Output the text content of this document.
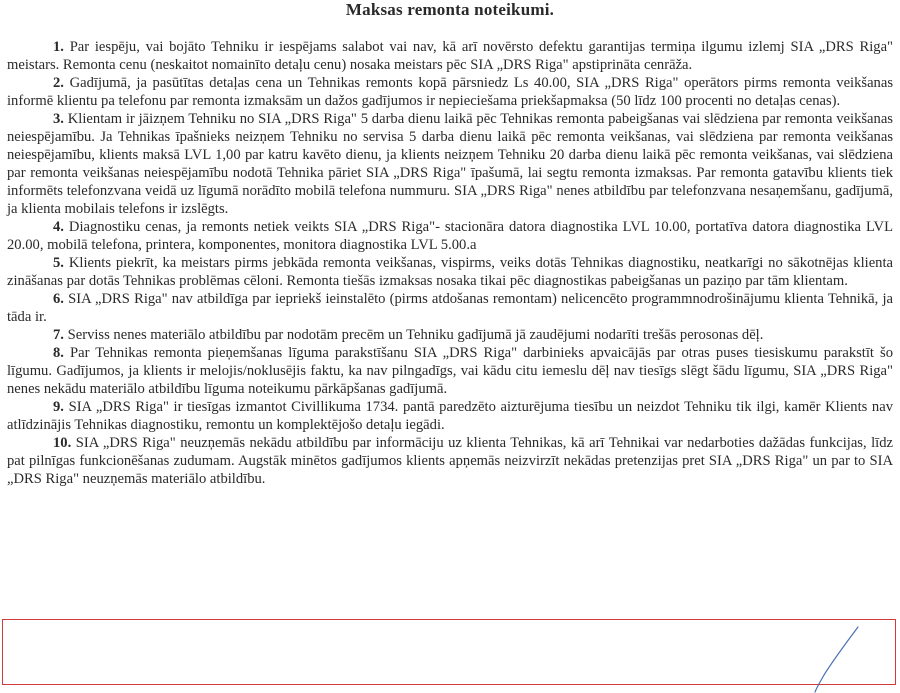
Maksas remonta noteikumi.

1. Par iespēju, vai bojāto Tehniku ir iespējams salabot vai nav, kā arī novērsto defektu garantijas termiņa ilgumu izlemj SIA „DRS Riga" meistars. Remonta cenu (neskaitot nomainīto detaļu cenu) nosaka meistars pēc SIA „DRS Riga" apstiprināta cenrāža.

2. Gadījumā, ja pasūtītas detaļas cena un Tehnikas remonts kopā pārsniedz Ls 40.00, SIA „DRS Riga" operātors pirms remonta veikšanas informē klientu pa telefonu par remonta izmaksām un dažos gadījumos ir nepieciešama priekšapmaksa (50 līdz 100 procenti no detaļas cenas).

3. Klientam ir jāizņem Tehniku no SIA „DRS Riga" 5 darba dienu laikā pēc Tehnikas remonta pabeigšanas vai slēdziena par remonta veikšanas neiespējamību. Ja Tehnikas īpašnieks neizņem Tehniku no servisa 5 darba dienu laikā pēc remonta veikšanas, vai slēdziena par remonta veikšanas neiespējamību, klients maksā LVL 1,00 par katru kavēto dienu, ja klients neizņem Tehniku 20 darba dienu laikā pēc remonta veikšanas, vai slēdziena par remonta veikšanas neiespējamību nodotā Tehnika pāriet SIA „DRS Riga" īpašumā, lai segtu remonta izmaksas. Par remonta gatavību klients tiek informēts telefonzvana veidā uz līgumā norādīto mobilā telefona nummuru. SIA „DRS Riga" nenes atbildību par telefonzvana nesaņemšanu, gadījumā, ja klienta mobilais telefons ir izslēgts.

4. Diagnostiku cenas, ja remonts netiek veikts SIA „DRS Riga"- stacionāra datora diagnostika LVL 10.00, portatīva datora diagnostika LVL 20.00, mobilā telefona, printera, komponentes, monitora diagnostika LVL 5.00.a

5. Klients piekrīt, ka meistars pirms jebkāda remonta veikšanas, vispirms, veiks dotās Tehnikas diagnostiku, neatkarīgi no sākotnējas klienta zināšanas par dotās Tehnikas problēmas cēloni. Remonta tiešās izmaksas nosaka tikai pēc diagnostikas pabeigšanas un paziņo par tām klientam.

6. SIA „DRS Riga" nav atbildīga par iepriekš ieinstalēto (pirms atdošanas remontam) nelicencēto programmnodrošinājumu klienta Tehnikā, ja tāda ir.

7. Serviss nenes materiālo atbildību par nodotām precēm un Tehniku gadījumā jā zaudējumi nodarīti trešās perosonas dēļ.

8. Par Tehnikas remonta pieņemšanas līguma parakstīšanu SIA „DRS Riga" darbinieks apvaicājās par otras puses tiesiskumu parakstīt šo līgumu. Gadījumos, ja klients ir melojis/noklusējis faktu, ka nav pilngadīgs, vai kādu citu iemeslu dēļ nav tiesīgs slēgt šādu līgumu, SIA „DRS Riga" nenes nekādu materiālo atbildību līguma noteikumu pārkāpšanas gadījumā.

9. SIA „DRS Riga" ir tiesīgas izmantot Civillikuma 1734. pantā paredzēto aizturējuma tiesību un neizdot Tehniku tik ilgi, kamēr Klients nav atlīdzinājis Tehnikas diagnostiku, remontu un komplektējošo detaļu iegādi.

10. SIA „DRS Riga" neuzņemās nekādu atbildību par informāciju uz klienta Tehnikas, kā arī Tehnikai var nedarboties dažādas funkcijas, līdz pat pilnīgas funkcionēšanas zudumam. Augstāk minētos gadījumos klients apņemās neizvirzīt nekādas pretenzijas pret SIA „DRS Riga" un par to SIA „DRS Riga" neuzņemās materiālo atbildību.
